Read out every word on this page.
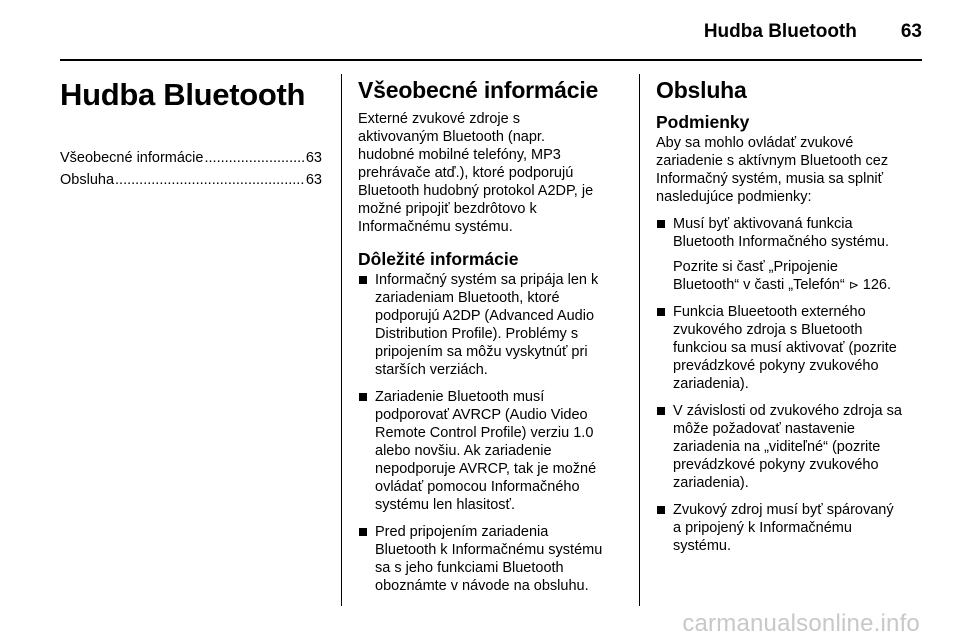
Hudba Bluetooth 63
Hudba Bluetooth
Všeobecné informácie .....	63
Obsluha .....	63
Všeobecné informácie

Externé zvukové zdroje s
aktivovaným Bluetooth (napr.
hudobné mobilné telefóny, MP3
prehrávače atď.), ktoré podporujú
Bluetooth hudobný protokol A2DP, je
možné pripojiť bezdrôtovo k
Informačnému systému.

Dôležité informácie
Informačný systém sa pripája len k
zariadeniam Bluetooth, ktoré
podporujú A2DP (Advanced Audio
Distribution Profile). Problémy s
pripojením sa môžu vyskytnúť pri
starších verziách.
Zariadenie Bluetooth musí
podporovať AVRCP (Audio Video
Remote Control Profile) verziu 1.0
alebo novšiu. Ak zariadenie
nepodporuje AVRCP, tak je možné
ovládať pomocou Informačného
systému len hlasitosť.
Pred pripojením zariadenia
Bluetooth k Informačnému systému
sa s jeho funkciami Bluetooth
oboznámte v návode na obsluhu.
Obsluha
Podmienky

Aby sa mohlo ovládať zvukové
zariadenie s aktívnym Bluetooth cez
Informačný systém, musia sa splniť
nasledujúce podmienky:

Musí byť aktivovaná funkcia
Bluetooth Informačného systému.
Pozrite si časť „Pripojenie
Bluetooth“ v časti „Telefón“ ⊳ 126.
Funkcia Blueetooth externého
zvukového zdroja s Bluetooth
funkciou sa musí aktivovať (pozrite
prevádzkové pokyny zvukového
zariadenia).
V závislosti od zvukového zdroja sa
môže požadovať nastavenie
zariadenia na „viditeľné“ (pozrite
prevádzkové pokyny zvukového
zariadenia).
Zvukový zdroj musí byť spárovaný
a pripojený k Informačnému
systému.
carmanualsonline.info
